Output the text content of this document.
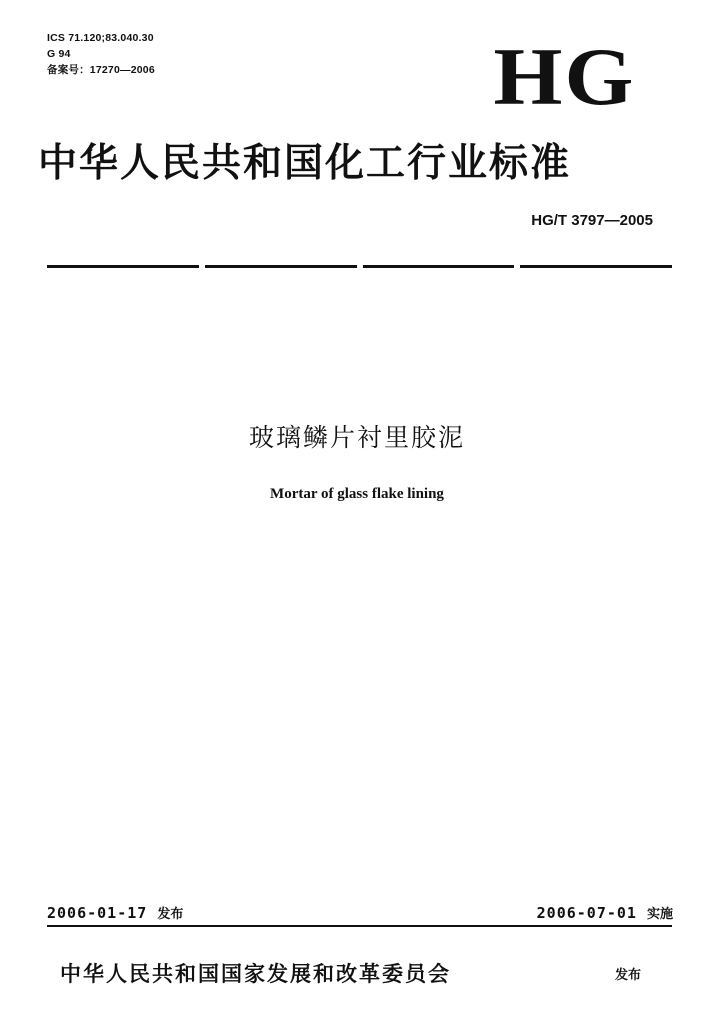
ICS 71.120;83.040.30
G 94
备案号：17270—2006	HG
中华人民共和国化工行业标准
HG/T 3797—2005
玻璃鳞片衬里胶泥
Mortar of glass flake lining
2006-01-17 发布	2006-07-01 实施
中华人民共和国国家发展和改革委员会	发布
